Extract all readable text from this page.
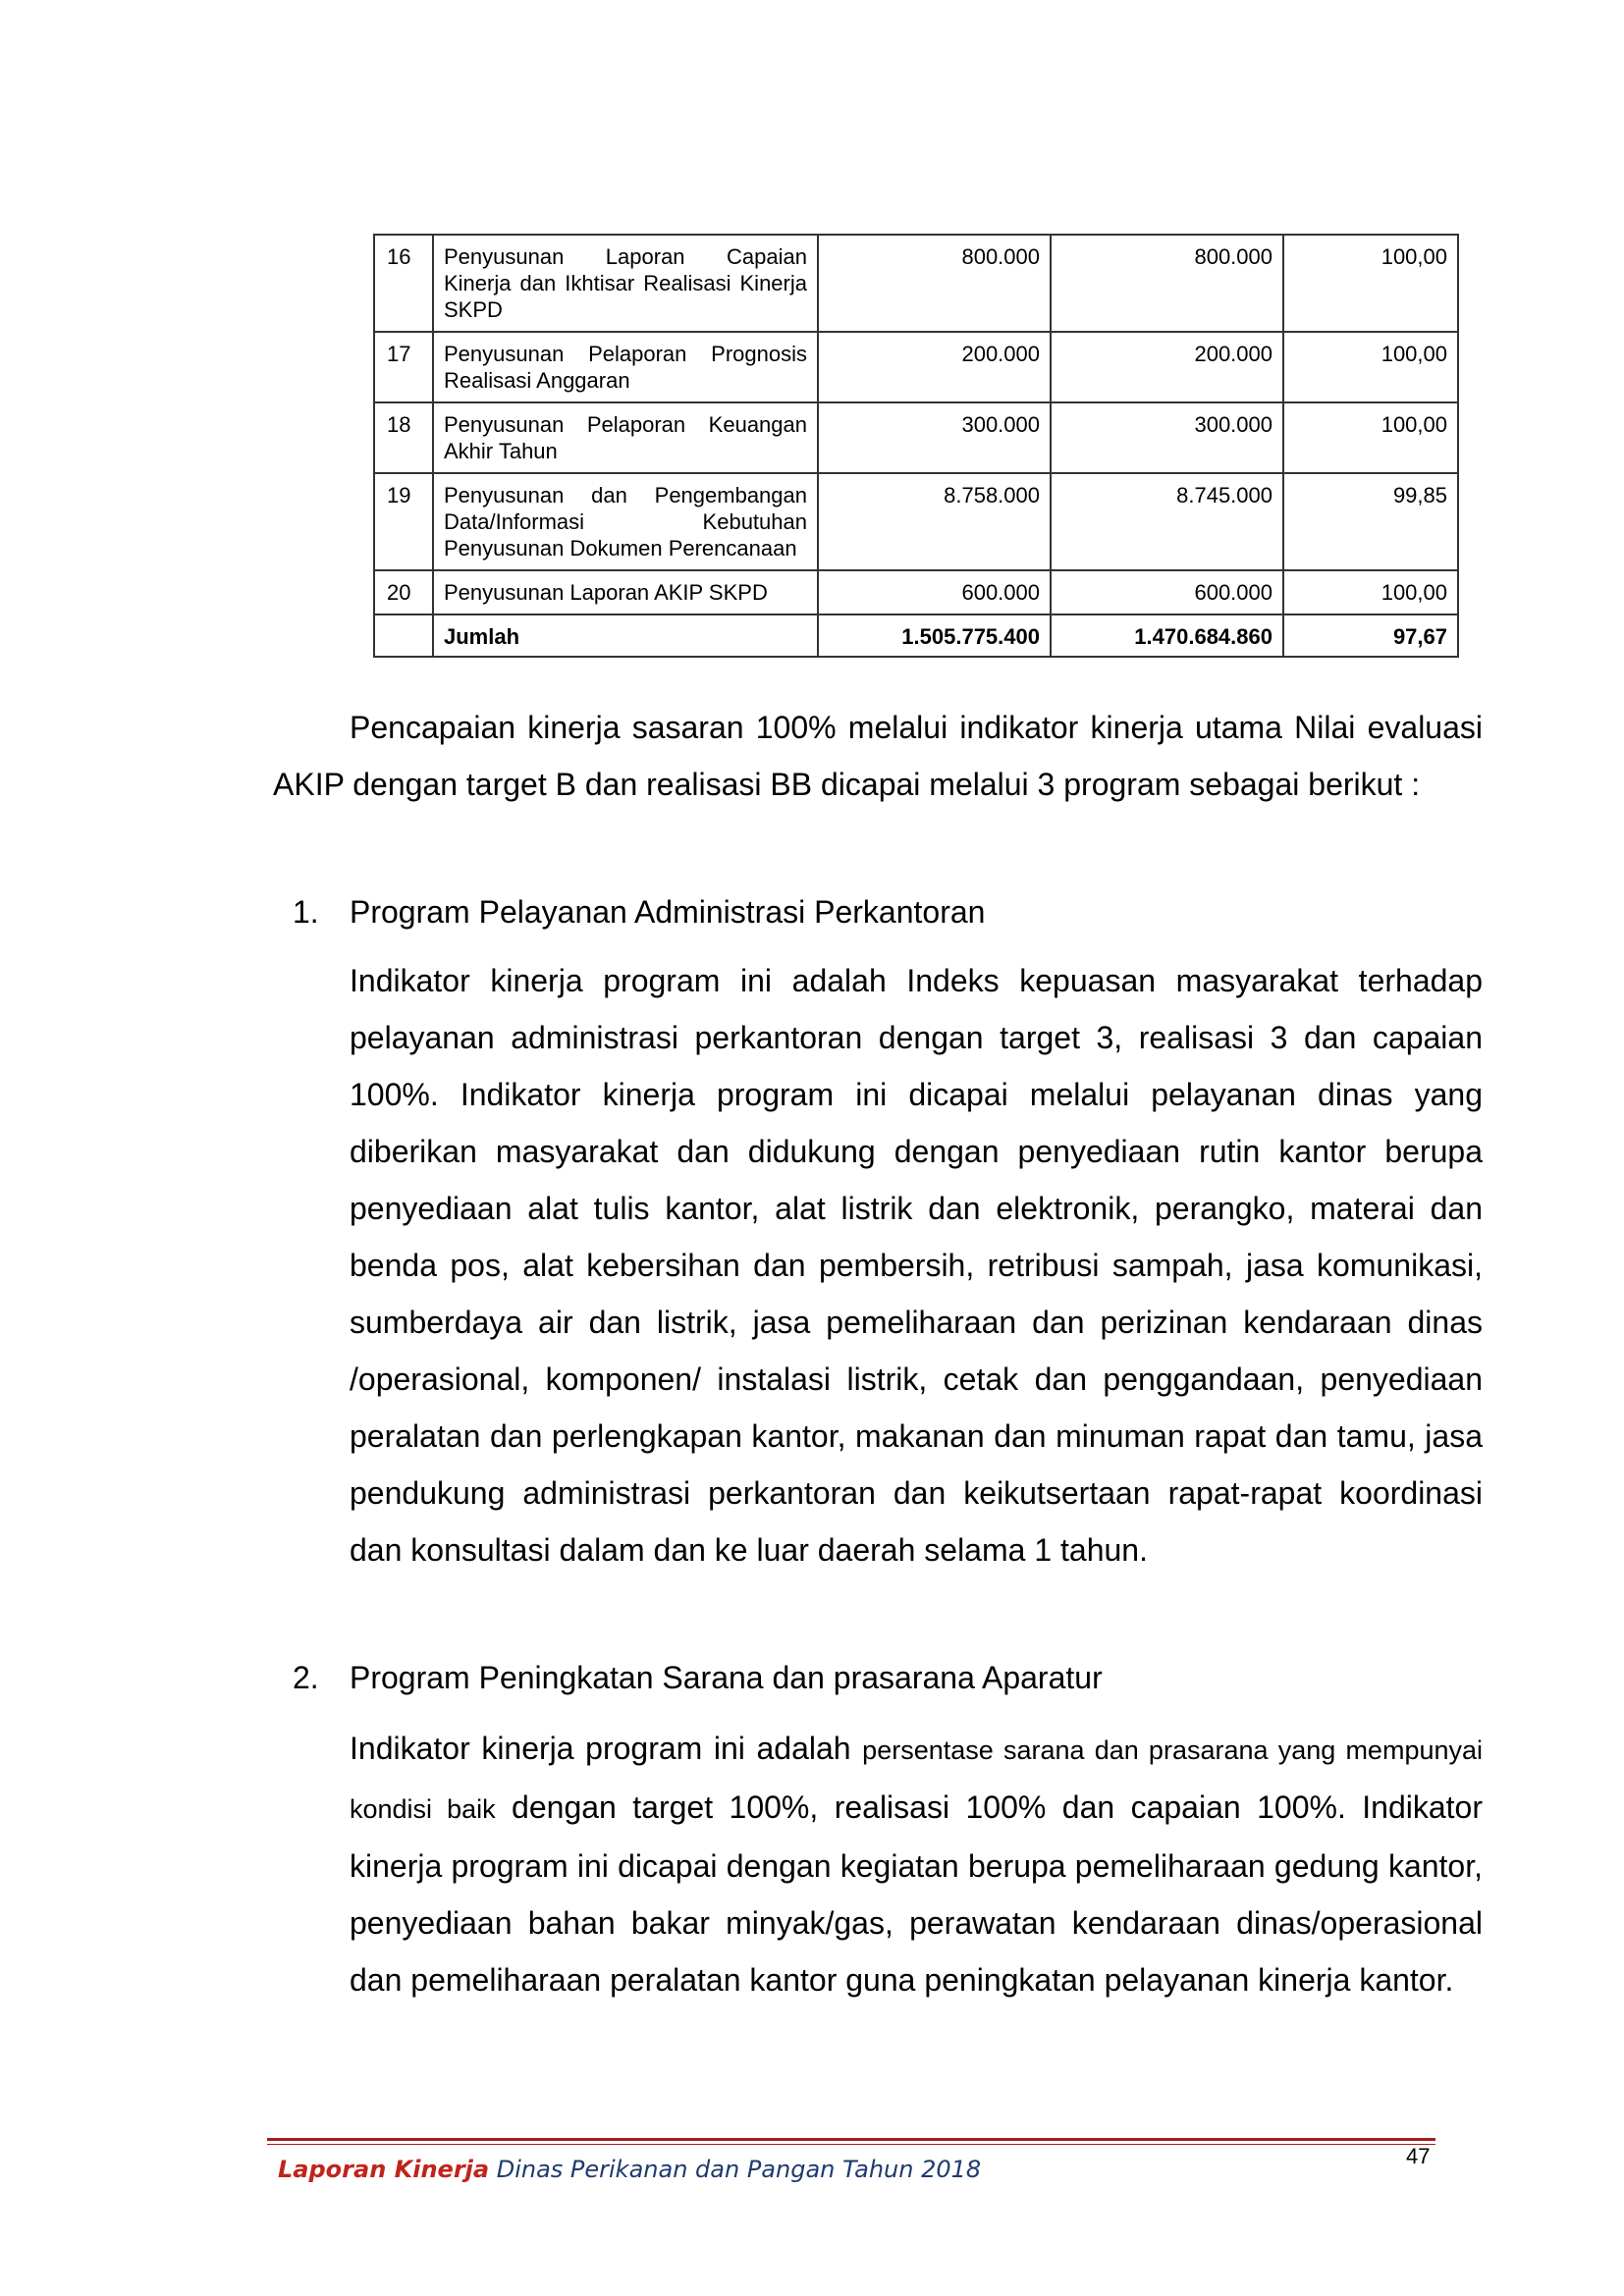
16	Penyusunan Laporan Capaian Kinerja dan Ikhtisar Realisasi Kinerja SKPD	800.000	800.000	100,00
17	Penyusunan Pelaporan Prognosis Realisasi Anggaran	200.000	200.000	100,00
18	Penyusunan Pelaporan Keuangan Akhir Tahun	300.000	300.000	100,00
19	Penyusunan dan Pengembangan Data/Informasi Kebutuhan Penyusunan Dokumen Perencanaan	8.758.000	8.745.000	99,85
20	Penyusunan Laporan AKIP SKPD	600.000	600.000	100,00
	Jumlah	1.505.775.400	1.470.684.860	97,67

Pencapaian kinerja sasaran 100% melalui indikator kinerja utama Nilai evaluasi AKIP dengan target B dan realisasi BB dicapai melalui 3 program sebagai berikut :

1. Program Pelayanan Administrasi Perkantoran

Indikator kinerja program ini adalah Indeks kepuasan masyarakat terhadap pelayanan administrasi perkantoran dengan target 3, realisasi 3 dan capaian 100%. Indikator kinerja program ini dicapai melalui pelayanan dinas yang diberikan masyarakat dan didukung dengan penyediaan rutin kantor berupa penyediaan alat tulis kantor, alat listrik dan elektronik, perangko, materai dan benda pos, alat kebersihan dan pembersih, retribusi sampah, jasa komunikasi, sumberdaya air dan listrik, jasa pemeliharaan dan perizinan kendaraan dinas /operasional, komponen/ instalasi listrik, cetak dan penggandaan, penyediaan peralatan dan perlengkapan kantor, makanan dan minuman rapat dan tamu, jasa pendukung administrasi perkantoran dan keikutsertaan rapat-rapat koordinasi dan konsultasi dalam dan ke luar daerah selama 1 tahun.

2. Program Peningkatan Sarana dan prasarana Aparatur

Indikator kinerja program ini adalah persentase sarana dan prasarana yang mempunyai kondisi baik dengan target 100%, realisasi 100% dan capaian 100%. Indikator kinerja program ini dicapai dengan kegiatan berupa pemeliharaan gedung kantor, penyediaan bahan bakar minyak/gas, perawatan kendaraan dinas/operasional dan pemeliharaan peralatan kantor guna peningkatan pelayanan kinerja kantor.

Laporan Kinerja Dinas Perikanan dan Pangan Tahun 2018	47
